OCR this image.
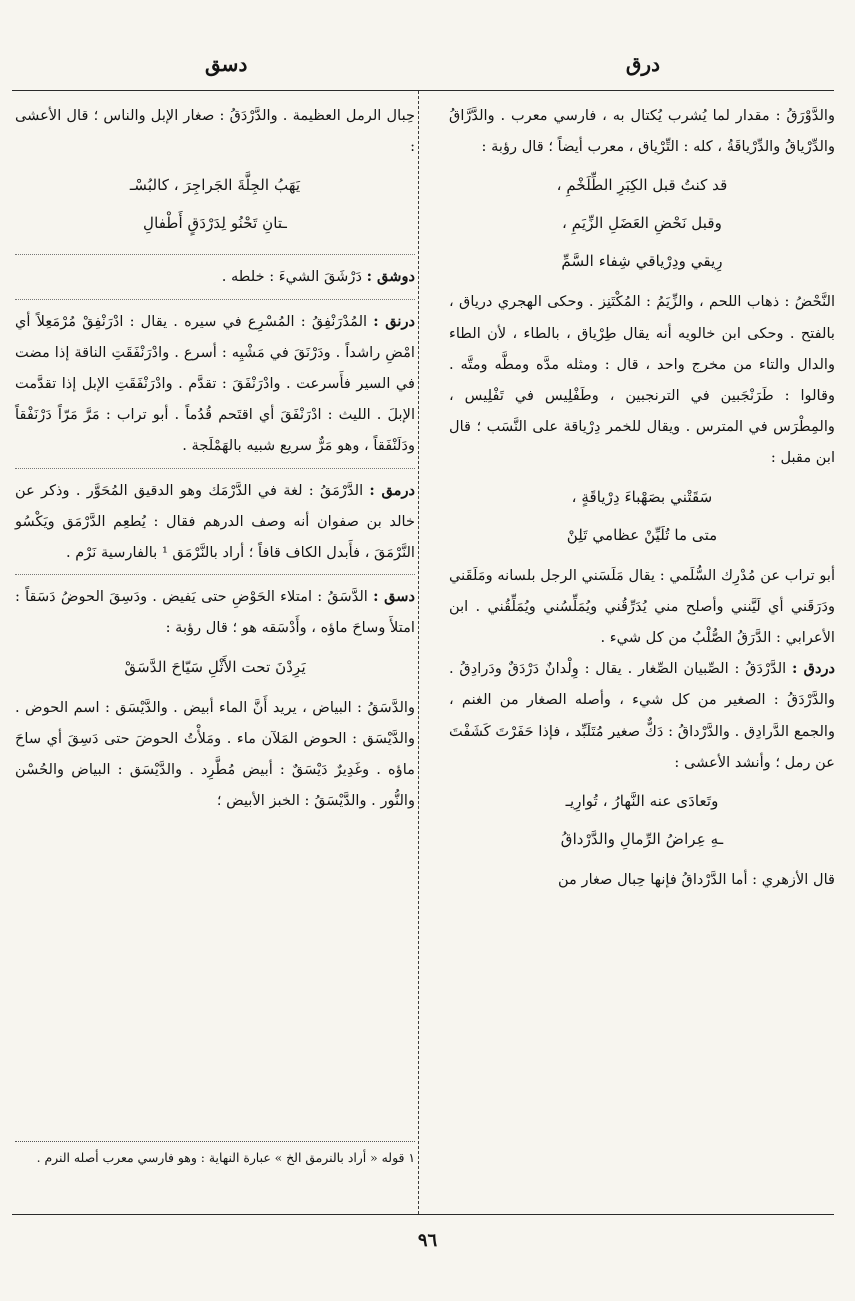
درق
دسق

والدَّوْرَقُ : مقدار لما يُشرب يُكتال به ، فارسي معرب . والدَّرَّاقُ والدِّرْياقُ والدِّرْياقَةُ ، كله : التِّرْياق ، معرب أيضاً ؛ قال رؤبة :

قد كنتُ قبل الكِبَرِ الطِّلَخْمِ ،
وقبل نَحْضِ العَضَلِ الزِّيَمِ ،
رِيقي ودِرْياقي شِفاء السَّمِّ

النَّحْضُ : ذهاب اللحم ، والزِّيَمُ : المُكْتَنِز . وحكى الهجري درياق ، بالفتح . وحكى ابن خالويه أنه يقال طِرْياق ، بالطاء ، لأن الطاء والدال والتاء من مخرج واحد ، قال : ومثله مدَّه ومطَّه ومتَّه . وقالوا : طَرَنْجَبين في الترنجبين ، وطَفْلِيس في تَفْلِيس ، والمِطْرَس في المترس . ويقال للخمر دِرْياقة على النَّسَب ؛ قال ابن مقبل :

سَقَتْني بصَهْباءَ دِرْياقَةٍ ،
متى ما تُلَيِّنْ عظامي تَلِنْ

أبو تراب عن مُدْرِك السُّلَمي : يقال مَلَسَني الرجل بلسانه ومَلَقَني ودَرَقَني أي لَيَّنني وأصلح مني يُدَرِّقُني ويُمَلِّسُني ويُمَلِّقُني . ابن الأعرابي : الدَّرَقُ الصُّلْبُ من كل شيء .

دردق : الدَّرْدَقُ : الصِّبيان الصِّغار . يقال : وِلْدانٌ دَرْدَقٌ ودَرادِقُ . والدَّرْدَقُ : الصغير من كل شيء ، وأصله الصغار من الغنم ، والجمع الدَّرادِق . والدَّرْداقُ : دَكٌّ صغير مُتَلَبِّد ، فإذا حَفَرْتَ كَشَفْتَ عن رمل ؛ وأنشد الأعشى :

وتَعادَى عنه النَّهارُ ، تُوارِيـ
ـهِ عِراضُ الرِّمالِ والدَّرْداقُ

قال الأزهري : أما الدَّرْداقُ فإنها حِبال صغار من

حِبال الرمل العظيمة . والدَّرْدَقُ : صغار الإبل والناس ؛ قال الأعشى :

يَهَبُ الجِلَّةَ الجَراجِرَ ، كالبُسْـ
ـتانِ تَحْنُو لِدَرْدَقٍ أَطْفالِ

دوشق : دَرْشَقَ الشيءَ : خلطه .

درنق : المُدْرَنْفِقُ : المُسْرِع في سيره . يقال : ادْرَنْفِقْ مُرْمَعِلاً أي امْضِ راشداً . ودَرْنَقَ في مَشْيِه : أسرع . وادْرَنْفَقَتِ الناقة إذا مضت في السير فأَسرعت . وادْرَنْفَقَ : تقدَّم . وادْرَنْفَقَتِ الإبل إذا تقدَّمت الإبلَ . الليث : ادْرَنْفَقَ أي اقتَحم قُدُماً . أبو تراب : مَرَّ مَرّاً دَرْنَفْقاً ودَلَنْفَقاً ، وهو مَرٌّ سريع شبيه بالهَمْلَجة .

درمق : الدَّرْمَقُ : لغة في الدَّرْمَك وهو الدقيق المُحَوَّر . وذكر عن خالد بن صفوان أنه وصف الدرهم فقال : يُطعِم الدَّرْمَق ويَكْسُو النَّرْمَقَ ، فأَبدل الكاف قافاً ؛ أراد بالنَّرْمَق ¹ بالفارسية نَرْم .

دسق : الدَّسَقُ : امتلاء الحَوْضِ حتى يَفيض . ودَسِقَ الحوضُ دَسَقاً : امتلأَ وساحَ ماؤه ، وأَدْسَقه هو ؛ قال رؤبة :

يَرِدْنَ تحت الأَثْلِ سَيّاحَ الدَّسَقْ

والدَّسَقُ : البياض ، يريد أَنَّ الماء أبيض . والدَّيْسَق : اسم الحوض . والدَّيْسَق : الحوض المَلآن ماء . ومَلأْتُ الحوضَ حتى دَسِقَ أي ساحَ ماؤه . وغَدِيرٌ دَيْسَقٌ : أبيض مُطَّرِد . والدَّيْسَق : البياض والحُسْن والنُّور . والدَّيْسَقُ : الخبز الأبيض ؛

١ قوله « أراد بالنرمق الخ » عبارة النهاية : وهو فارسي معرب أصله النرم .
٩٦
